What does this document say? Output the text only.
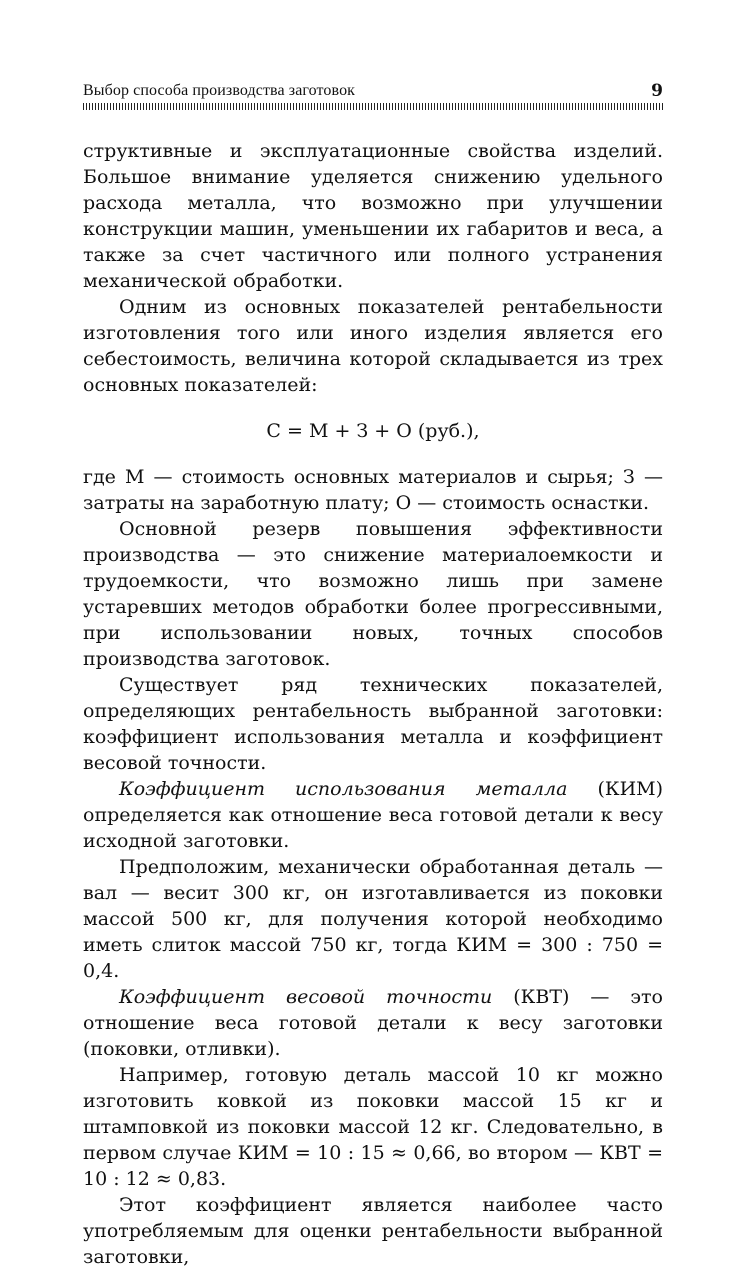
Выбор способа производства заготовок	9

структивные и эксплуатационные свойства изделий. Большое внимание уделяется снижению удельного расхода металла, что возможно при улучшении конструкции машин, уменьшении их габаритов и веса, а также за счет частичного или полного устранения механической обработки.

Одним из основных показателей рентабельности изготовления того или иного изделия является его себестоимость, величина которой складывается из трех основных показателей:

С = М + З + О (руб.),

где М — стоимость основных материалов и сырья; З — затраты на заработную плату; О — стоимость оснастки.

Основной резерв повышения эффективности производства — это снижение материалоемкости и трудоемкости, что возможно лишь при замене устаревших методов обработки более прогрессивными, при использовании новых, точных способов производства заготовок.

Существует ряд технических показателей, определяющих рентабельность выбранной заготовки: коэффициент использования металла и коэффициент весовой точности.

Коэффициент использования металла (КИМ) определяется как отношение веса готовой детали к весу исходной заготовки.

Предположим, механически обработанная деталь — вал — весит 300 кг, он изготавливается из поковки массой 500 кг, для получения которой необходимо иметь слиток массой 750 кг, тогда КИМ = 300 : 750 = 0,4.

Коэффициент весовой точности (КВТ) — это отношение веса готовой детали к весу заготовки (поковки, отливки).

Например, готовую деталь массой 10 кг можно изготовить ковкой из поковки массой 15 кг и штамповкой из поковки массой 12 кг. Следовательно, в первом случае КИМ = 10 : 15 ≈ 0,66, во втором — КВТ = 10 : 12 ≈ 0,83.

Этот коэффициент является наиболее часто употребляемым для оценки рентабельности выбранной заготовки,
